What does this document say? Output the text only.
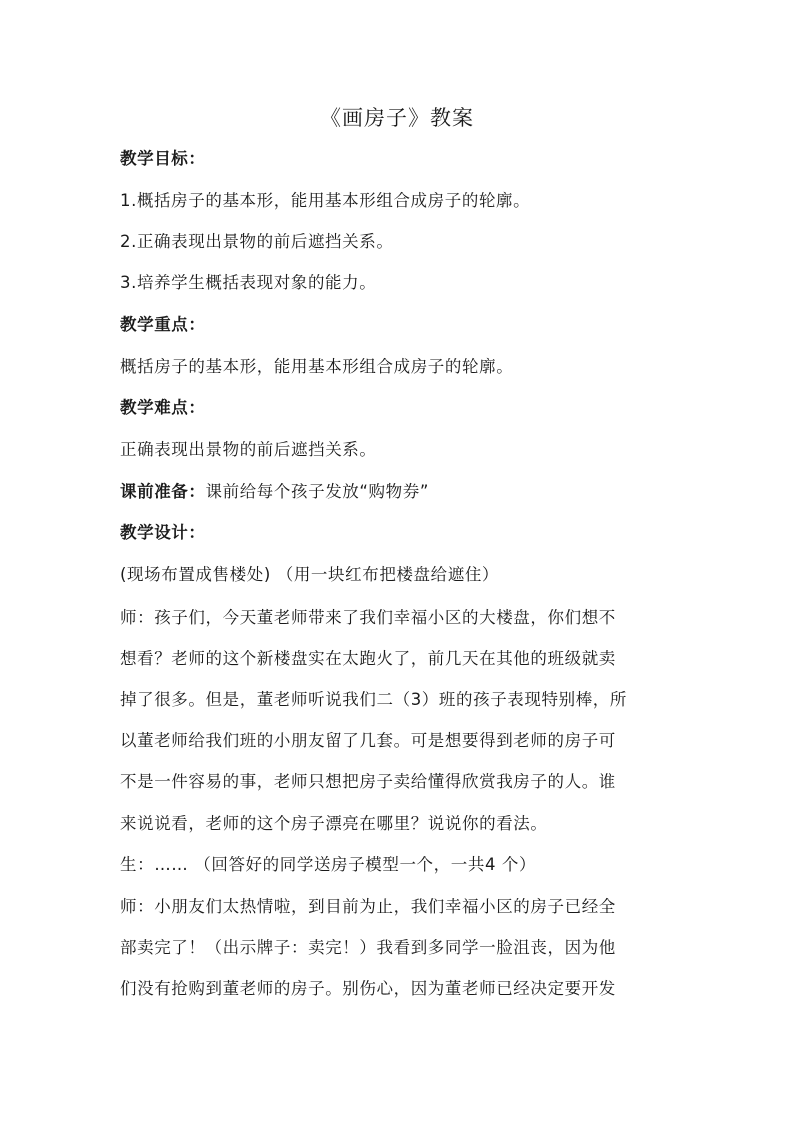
《画房子》教案
教学目标：
1.概括房子的基本形，能用基本形组合成房子的轮廓。
2.正确表现出景物的前后遮挡关系。
3.培养学生概括表现对象的能力。
教学重点：
概括房子的基本形，能用基本形组合成房子的轮廓。
教学难点：
正确表现出景物的前后遮挡关系。
课前准备：课前给每个孩子发放“购物券”
教学设计：
(现场布置成售楼处) （用一块红布把楼盘给遮住）
师：孩子们，今天董老师带来了我们幸福小区的大楼盘，你们想不
想看？老师的这个新楼盘实在太跑火了，前几天在其他的班级就卖
掉了很多。但是，董老师听说我们二（3）班的孩子表现特别棒，所
以董老师给我们班的小朋友留了几套。可是想要得到老师的房子可
不是一件容易的事，老师只想把房子卖给懂得欣赏我房子的人。谁
来说说看，老师的这个房子漂亮在哪里？说说你的看法。
生：…… （回答好的同学送房子模型一个，一共4 个）
师：小朋友们太热情啦，到目前为止，我们幸福小区的房子已经全
部卖完了！（出示牌子：卖完！）我看到多同学一脸沮丧，因为他
们没有抢购到董老师的房子。别伤心，因为董老师已经决定要开发
